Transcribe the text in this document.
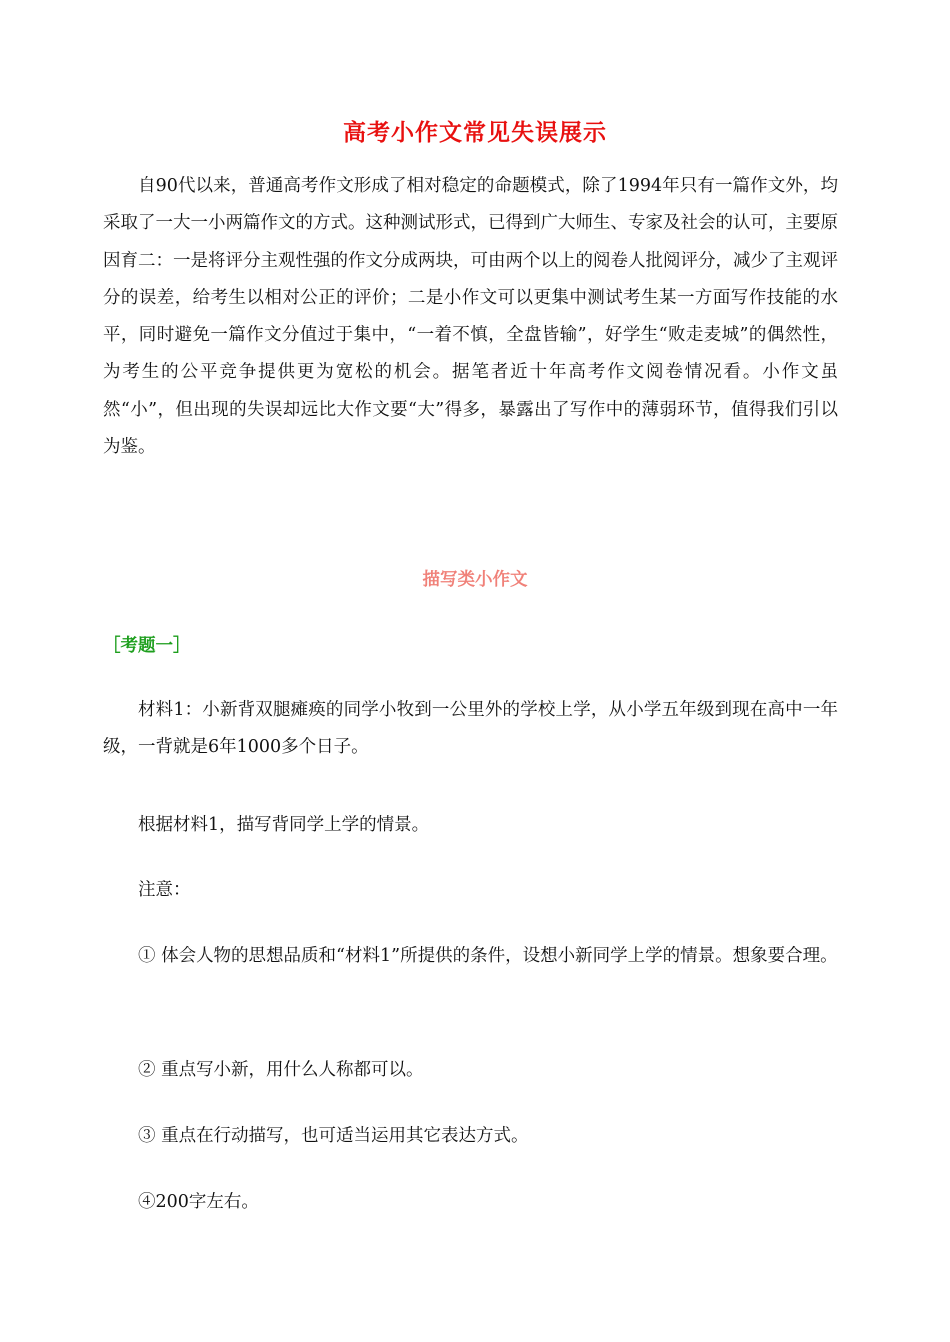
高考小作文常见失误展示

自90代以来，普通高考作文形成了相对稳定的命题模式，除了1994年只有一篇作文外，均采取了一大一小两篇作文的方式。这种测试形式，已得到广大师生、专家及社会的认可，主要原因育二：一是将评分主观性强的作文分成两块，可由两个以上的阅卷人批阅评分，减少了主观评分的误差，给考生以相对公正的评价；二是小作文可以更集中测试考生某一方面写作技能的水平，同时避免一篇作文分值过于集中，“一着不慎，全盘皆输”，好学生“败走麦城”的偶然性，为考生的公平竞争提供更为宽松的机会。据笔者近十年高考作文阅卷情况看。小作文虽然“小”，但出现的失误却远比大作文要“大”得多，暴露出了写作中的薄弱环节，值得我们引以为鉴。

描写类小作文
［考题一］

材料1：小新背双腿瘫痪的同学小牧到一公里外的学校上学，从小学五年级到现在高中一年级，一背就是6年1000多个日子。

根据材料1，描写背同学上学的情景。

注意：

① 体会人物的思想品质和“材料1”所提供的条件，设想小新同学上学的情景。想象要合理。

② 重点写小新，用什么人称都可以。

③ 重点在行动描写，也可适当运用其它表达方式。

④200字左右。
